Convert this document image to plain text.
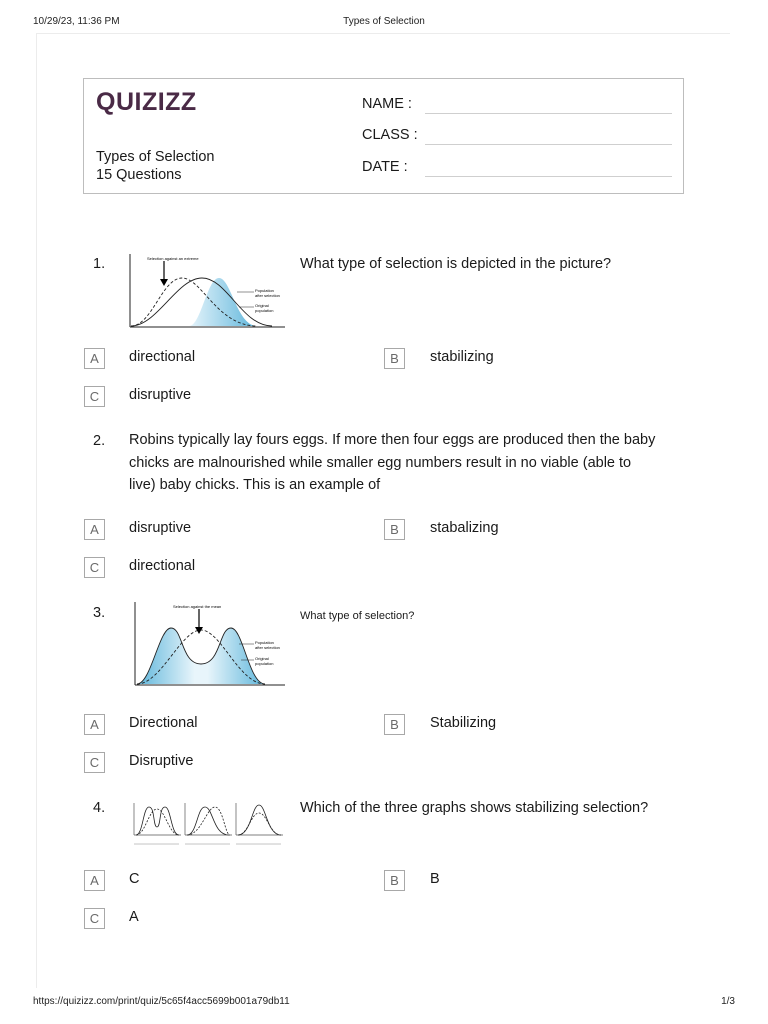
10/29/23, 11:36 PM	Types of Selection
QUIZIZZ
Types of Selection
15 Questions
NAME :
CLASS :
DATE :
1.	Selection against an extreme
Population
after selection
Original
population
What type of selection is depicted in the picture?
A	directional	B	stabilizing
C	disruptive
2. Robins typically lay fours eggs. If more then four eggs are produced then the baby
chicks are malnourished while smaller egg numbers result in no viable (able to
live) baby chicks. This is an example of
A	disruptive	B	stabalizing
C	directional
3.	Selection against the mean
Population
after selection
Original
population
What type of selection?
A	Directional	B	Stabilizing
C	Disruptive
4.	Which of the three graphs shows stabilizing selection?
A	C	B	B
C	A
https://quizizz.com/print/quiz/5c65f4acc5699b001a79db11	1/3
